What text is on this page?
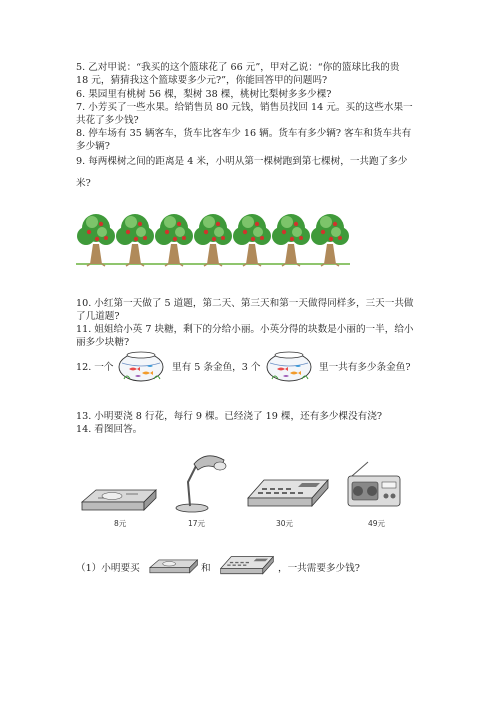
5. 乙对甲说：“我买的这个篮球花了 66 元”，甲对乙说：“你的篮球比我的贵
18 元，猜猜我这个篮球要多少元?”，你能回答甲的问题吗?
6. 果园里有桃树 56 棵，梨树 38 棵，桃树比梨树多多少棵?
7. 小芳买了一些水果。给销售员 80 元钱，销售员找回 14 元。买的这些水果一
共花了多少钱?
8. 停车场有 35 辆客车，货车比客车少 16 辆。货车有多少辆? 客车和货车共有
多少辆?
9. 每两棵树之间的距离是 4 米，小明从第一棵树跑到第七棵树，一共跑了多少
米?
10. 小红第一天做了 5 道题，第二天、第三天和第一天做得同样多，三天一共做
了几道题?
11. 姐姐给小英 7 块糖，剩下的分给小丽。小英分得的块数是小丽的一半，给小
丽多少块糖?
12. 一个	里有 5 条金鱼，3 个	里一共有多少条金鱼?
13. 小明要浇 8 行花，每行 9 棵。已经浇了 19 棵，还有多少棵没有浇?
14. 看图回答。
8元	17元	30元	49元
（1）小明要买	和	，一共需要多少钱?
